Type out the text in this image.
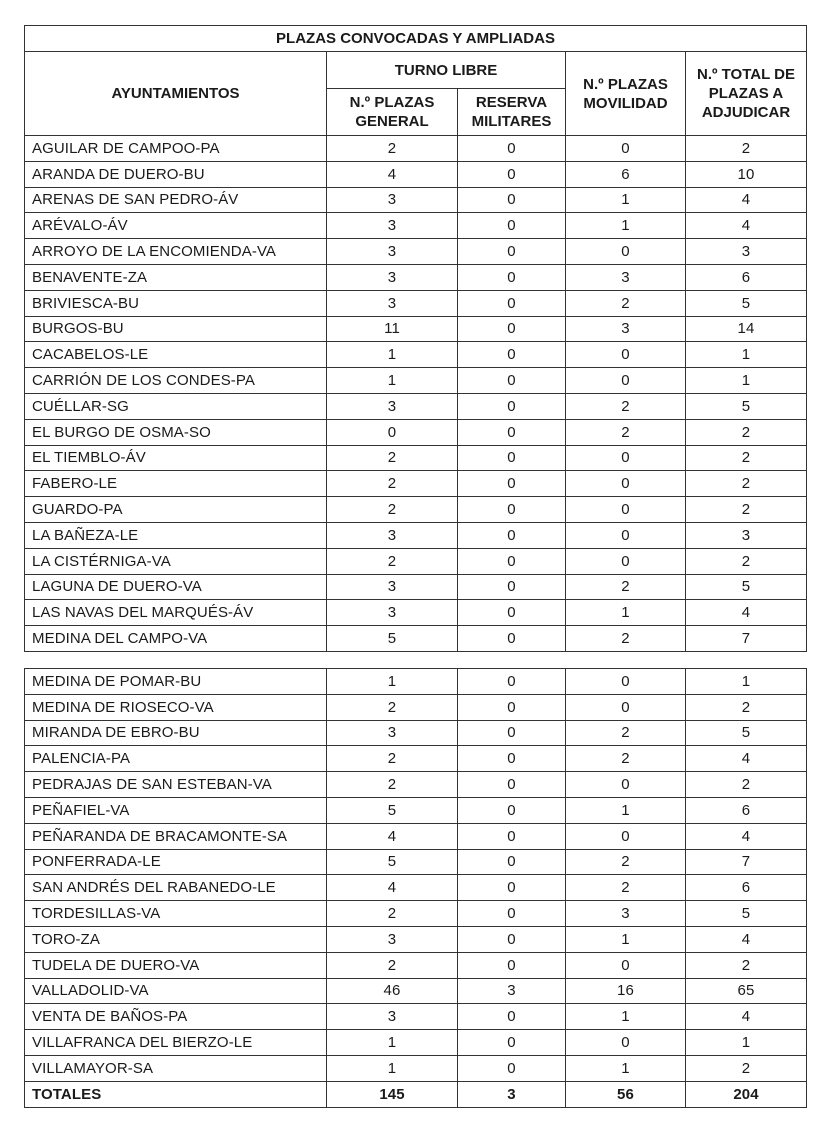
PLAZAS CONVOCADAS Y AMPLIADAS				
AYUNTAMIENTOS	TURNO LIBRE		N.º PLAZAS MOVILIDAD	N.º TOTAL DE PLAZAS A ADJUDICAR
	N.º PLAZAS GENERAL	RESERVA MILITARES		
AGUILAR DE CAMPOO-PA	2	0	0	2
ARANDA DE DUERO-BU	4	0	6	10
ARENAS DE SAN PEDRO-ÁV	3	0	1	4
ARÉVALO-ÁV	3	0	1	4
ARROYO DE LA ENCOMIENDA-VA	3	0	0	3
BENAVENTE-ZA	3	0	3	6
BRIVIESCA-BU	3	0	2	5
BURGOS-BU	11	0	3	14
CACABELOS-LE	1	0	0	1
CARRIÓN DE LOS CONDES-PA	1	0	0	1
CUÉLLAR-SG	3	0	2	5
EL BURGO DE OSMA-SO	0	0	2	2
EL TIEMBLO-ÁV	2	0	0	2
FABERO-LE	2	0	0	2
GUARDO-PA	2	0	0	2
LA BAÑEZA-LE	3	0	0	3
LA CISTÉRNIGA-VA	2	0	0	2
LAGUNA DE DUERO-VA	3	0	2	5
LAS NAVAS DEL MARQUÉS-ÁV	3	0	1	4
MEDINA DEL CAMPO-VA	5	0	2	7
MEDINA DE POMAR-BU	1	0	0	1
MEDINA DE RIOSECO-VA	2	0	0	2
MIRANDA DE EBRO-BU	3	0	2	5
PALENCIA-PA	2	0	2	4
PEDRAJAS DE SAN ESTEBAN-VA	2	0	0	2
PEÑAFIEL-VA	5	0	1	6
PEÑARANDA DE BRACAMONTE-SA	4	0	0	4
PONFERRADA-LE	5	0	2	7
SAN ANDRÉS DEL RABANEDO-LE	4	0	2	6
TORDESILLAS-VA	2	0	3	5
TORO-ZA	3	0	1	4
TUDELA DE DUERO-VA	2	0	0	2
VALLADOLID-VA	46	3	16	65
VENTA DE BAÑOS-PA	3	0	1	4
VILLAFRANCA DEL BIERZO-LE	1	0	0	1
VILLAMAYOR-SA	1	0	1	2
TOTALES	145	3	56	204
